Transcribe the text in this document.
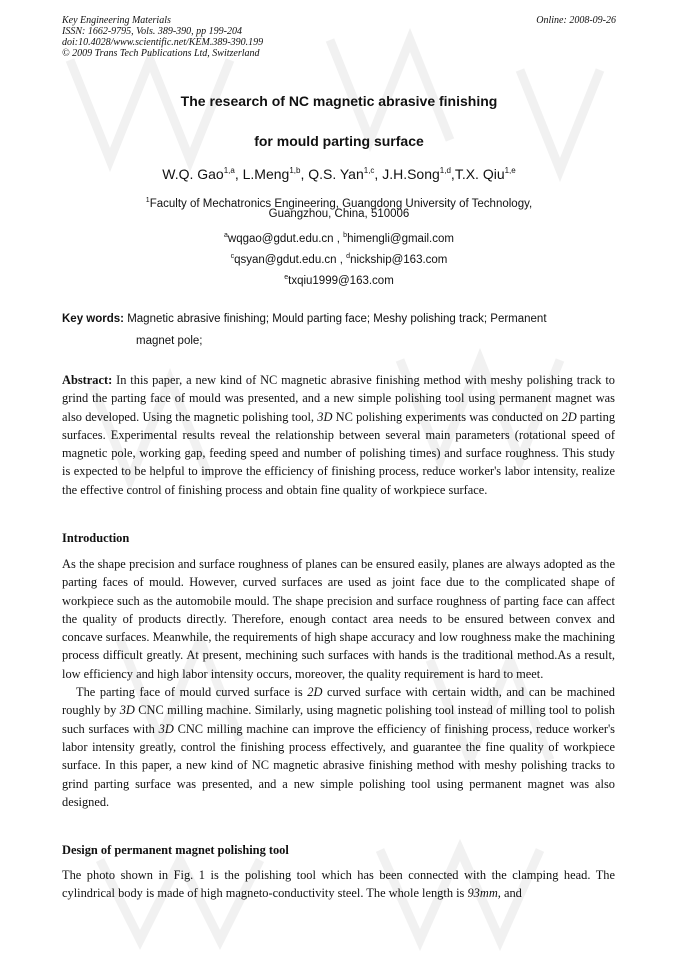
Key Engineering Materials
ISSN: 1662-9795, Vols. 389-390, pp 199-204
doi:10.4028/www.scientific.net/KEM.389-390.199
© 2009 Trans Tech Publications Ltd, Switzerland
Online: 2008-09-26
The research of NC magnetic abrasive finishing
for mould parting surface
W.Q. Gao$^{1,a}$, L.Meng$^{1,b}$, Q.S. Yan$^{1,c}$, J.H.Song$^{1,d}$,T.X. Qiu$^{1,e}$
$^1$Faculty of Mechatronics Engineering, Guangdong University of Technology,
Guangzhou, China, 510006
$^a$wqgao@gdut.edu.cn , $^b$himengli@gmail.com
$^c$qsyan@gdut.edu.cn , $^d$nickship@163.com
$^e$txqiu1999@163.com
Key words: Magnetic abrasive finishing; Mould parting face; Meshy polishing track; Permanent
magnet pole;
Abstract: In this paper, a new kind of NC magnetic abrasive finishing method with meshy polishing track to grind the parting face of mould was presented, and a new simple polishing tool using permanent magnet was also developed. Using the magnetic polishing tool, 3D NC polishing experiments was conducted on 2D parting surfaces. Experimental results reveal the relationship between several main parameters (rotational speed of magnetic pole, working gap, feeding speed and number of polishing times) and surface roughness. This study is expected to be helpful to improve the efficiency of finishing process, reduce worker's labor intensity, realize the effective control of finishing process and obtain fine quality of workpiece surface.
Introduction
As the shape precision and surface roughness of planes can be ensured easily, planes are always adopted as the parting faces of mould. However, curved surfaces are used as joint face due to the complicated shape of workpiece such as the automobile mould. The shape precision and surface roughness of parting face can affect the quality of products directly. Therefore, enough contact area needs to be ensured between convex and concave surfaces. Meanwhile, the requirements of high shape accuracy and low roughness make the machining process difficult greatly. At present, mechining such surfaces with hands is the traditional method.As a result, low efficiency and high labor intensity occurs, moreover, the quality requirement is hard to meet.
The parting face of mould curved surface is 2D curved surface with certain width, and can be machined roughly by 3D CNC milling machine. Similarly, using magnetic polishing tool instead of milling tool to polish such surfaces with 3D CNC milling machine can improve the efficiency of finishing process, reduce worker's labor intensity greatly, control the finishing process effectively, and guarantee the fine quality of workpiece surface. In this paper, a new kind of NC magnetic abrasive finishing method with meshy polishing tracks to grind parting surface was presented, and a new simple polishing tool using permanent magnet was also designed.
Design of permanent magnet polishing tool
The photo shown in Fig. 1 is the polishing tool which has been connected with the clamping head. The cylindrical body is made of high magneto-conductivity steel. The whole length is 93mm, and
